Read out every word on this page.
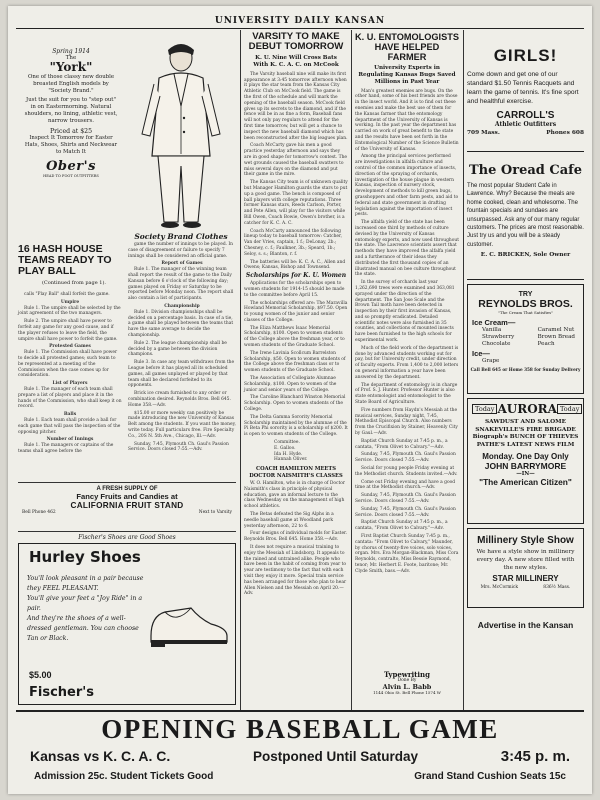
UNIVERSITY DAILY KANSAN
Spring 1914
The
"York"
One of those classy new double breasted English models by "Society Brand."
Just the suit for you to "step out" in on Eastermorning. Natural shoulders, no lining, athletic vest, narrow trousers.
Priced at $25
Inspect It Tomorrow for Easter Hats, Shoes, Shirts and Neckwear to Match It
Ober's
HEAD TO FOOT OUTFITTERS
Society Brand Clothes
16 HASH HOUSE TEAMS READY TO PLAY BALL
(Continued from page 1).

calls "Play Ball" shall forfeit the game.

Umpire

Rule 1. The umpire shall be selected by the joint agreement of the two managers.

Rule 2. The umpire shall have power to forfeit any game for any good cause, and if the player refuses to leave the field, the umpire shall have power to forfeit the game.

Protested Games

Rule 1. The Commission shall have power to decide all protested games; such team to be represented at a meeting of the Commission when the case comes up for consideration.

List of Players

Rule 1. The manager of each team shall prepare a list of players and place it in the hands of the Commission, who shall keep it on record.

Balls

Rule 1. Each team shall provide a ball for each game that will pass the inspection of the opposing pitcher.

Number of Innings

Rule 1. The managers or captains of the teams shall agree before the

game the number of innings to be played. In case of disagreement or failure to specify 7 innings shall be considered an official game.

Report of Games

Rule 1. The manager of the winning team shall report the result of the game to the Daily Kansan before 6 o'clock of the following day; games played on Friday or Saturday to be reported before Monday noon. The report shall also contain a list of participants.

Championship

Rule 1. Division championships shall be decided on a percentage basis. In case of a tie, a game shall be played between the teams that have the same average to decide the championship.

Rule 2. The league championship shall be decided by a game between the division champions.

Rule 3. In case any team withdraws from the League before it has played all its scheduled games, all games unplayed or played by that team shall be declared forfeited to its opponents.

Brick ice cream furnished to any order or combination desired. Reynolds Bros. Bell 645. Home 358.—Adv.

$15.00 or more weekly can positively be made introducing the new University of Kansas Belt among the students. If you want the money, write today. Full particulars free. Fire Specialty Co., 20S N. 5th Ave., Chicago, Ill.—Adv.

Sunday, 7:45, Plymouth Ch. Gaul's Passion Service. Doors closed 7:55.—Adv.

A FRESH SUPPLY OF
Fancy Fruits and Candies at
CALIFORNIA FRUIT STAND
Bell Phone 462	Next to Varsity
Fischer's Shoes are Good Shoes
Hurley Shoes
You'll look pleasant in a pair because they FEEL PLEASANT.
You'll give your feet a "Joy Ride" in a pair.
And they're the shoes of a well-dressed gentleman. You can choose Tan or Black.
$5.00
Fischer's
VARSITY TO MAKE DEBUT TOMORROW
K. U. Nine Will Cross Bats With K. C. A. C. on McCook

The Varsity baseball nine will make its first appearance at 3:45 tomorrow afternoon when it plays the star team from the Kansas City Athletic Club on McCook field. The game is the first of the schedule and will mark the opening of the baseball season. McCook field gives up its secrets to the diamond, and if the fence will be in as fine a form, Baseball fans will not only pay regulars to attend for the first time tomorrow, but will get a chance to inspect the new baseball diamond which has been reconstructed after the big leagues plan.

Coach McCarty gave his men a good practice yesterday afternoon and says they are in good shape for tomorrow's contest. The wet grounds caused the baseball swatters to miss several days on the diamond and put their game in the mire.

The Kansas City team is of unknown quality but Manager Hamilton guards the stars to put up a good game. The bench is composed of ball players with college reputations. Three former Kansas stars, Reeds Carlson, Porter, and Pete Allen, will play for the visitors while Bill Owen, Coach Bowie, Owen's brother, is a catcher for K. C. A. C.

Coach McCarty announced the following lineup today to baseball tomorrow: Catcher, Van der Vries, captain, 1 f.; DeLonay, 2b.; Chesney, c. f.; Faulkner, 3b.; Speard, 1b.; Seloy, s. s.; Blanton, r. f.

The batteries will be: K. C. A. C., Allen and Owens; Kansas, Bishop and Townsend.

Scholarships for K. U. Women

Applications for the scholarships open to women students for 1914-15 should be made to the committee before April 15.

The scholarships offered are: The Maravilla Howland Memorial Scholarship, $97.50. Open to young women of the junior and senior classes of the College.

The Eliza Matthews Isaac Memorial Scholarship, $100. Open to women students of the College above the freshman year, or to women students of the Graduate School.

The Irene Lavinia Scollcum Barrelston Scholarship, $50. Open to women students of the College above the freshman class or to women students of the Graduate School.

The Association of Collegiate Alumnae Scholarship, $100. Open to women of the junior and senior years of the College.

The Caroline Blanchard Winston Memorial Scholarship. Open to women students of the College.

The Delta Gamma Sorority Memorial Scholarship maintained by the alumnae of the Pi Beta Phi sorority is a scholarship of $200. It is open to women students of the College.

Committee.
E. Galloo.
Ida H. Hyde.
Hannah Oliver.
COACH HAMILTON MEETS DOCTOR NAISMITH'S CLASSES

W. O. Hamilton, who is in charge of Doctor Naismith's class in principle of physical education, gave an informal lecture to the class Wednesday on the management of high school athletics.

The Betas defeated the Sig Alphs in a needle baseball game at Woodland park yesterday afternoon, 22 to 6.

Four designs of individual molds for Easter. Reynolds Bros. Bell 645. Home 358.—Adv.

It does not require a musical training to enjoy the Messiah of Lindsborg. It appeals to the rained and untrained alike. People who have been in the habit of coming from year to year are testimony to the fact that with each visit they enjoy it more. Special train service has been arranged for those who plan to hear Allen Nielsen and the Messiah on April 20.—Adv.

K. U. ENTOMOLOGISTS HAVE HELPED FARMER
University Experts in Regulating Kansas Bugs Saved Millions in Past Year

Man's greatest enemies are bugs. On the other hand, some of his best friends are those in the insect world. And it is to find out these enemies and make the best use of them for the Kansas farmer that the entomology department of the University of Kansas is working. In the past year the department has carried on work of great benefit to the state and the results have been set forth in the Entomological Number of the Science Bulletin of the University of Kansas.

Among the principal services performed are investigations in alfalfa culture and control of the common importance of insects, direction of the spraying of orchards, investigation of the house plague in western Kansas, inspection of nursery stock, development of methods to kill green bugs, grasshoppers and other farm pests, and aid to federal and state government in drafting legislation against the importation of insect pests.

The alfalfa yield of the state has been increased one third by methods of culture devised by the University of Kansas entomology experts, and now used throughout the state. The Lawrence scientists assert that methods they have improved the alfalfa yield and a furtherance of their ideas they distributed the first thousand copies of an illustrated manual on bee culture throughout the state.

In the survey of orchards last year 1,262,690 trees were examined and 363,081 sprayed under the direction of the department. The San Jose Scale and the Brown Tail moth have been detected in inspection by their first invasion of Kansas, and so promptly eradicated. Detailed scientific notes were also furnished in 35 counties, and collections of mounted insects have been furnished to the high schools for experimental work.

Much of the field work of the department is done by advanced students working out for pay, but for University credit, under direction of faculty experts. From 1,400 to 2,000 letters on general information a year have been answered by the department.

The department of entomology is in charge of Prof. S. J. Hunter. Professor Hunter is also state entomologist and entomologist to the State Board of Agriculture.

Five numbers from Haydn's Messiah at the musical services, Sunday night, 7:45, Methodist Episcopal Church. Also numbers from the Crucifixion by Stainer, Heavenly City by Gaul.—Adv.

Baptist Church Sunday at 7:45 p. m., a cantata, "From Olivet to Calvary."—Adv.

Sunday, 7:45, Plymouth Ch. Gaul's Passion Service. Doors closed 7:55.—Adv.

Social for young people Friday evening at the Methodist church. Students invited.—Adv.

Come out Friday evening and have a good time at the Methodist church.—Adv.

Sunday, 7:45, Plymouth Ch. Gaul's Passion Service. Doors closed 7:55.—Adv.

Sunday, 7:45, Plymouth Ch. Gaul's Passion Service. Doors closed 7:55.—Adv.

Baptist Church Sunday at 7:45 p. m., a cantata, "From Olivet to Calvary."—Adv.

First Baptist Church Sunday 7:45 p. m., cantata: "From Olivet to Calvary," Maunder, by chorus of twenty-five voices, solo voices, organ. Mrs. Eva Morgan-Blackman, Miss Cora Reynolds, contralto, Miss Bessie Raymond, tenor; Mr. Herbert E. Foote, baritone; Mr. Clyde Smith, bass.—Adv.

Typewriting
Done By
Alvin L. Babb
1144 Ohio St. Bell Phone 1574 W
GIRLS!
Come down and get one of our standard $1.50 Tennis Racquets and learn the game of tennis. It's fine sport and healthful exercise.
CARROLL'S
Athletic Outfitters
709 Mass.	Phones 608
The Oread Cafe
The most popular Student Cafe in Lawrence. Why? Because the meals are home cooked, clean and wholesome. The fountain specials and sundaes are unsurpassed. Ask any of our many regular customers. The prices are most reasonable. Just try us and you will be a steady customer.
E. C. BRICKEN, Sole Owner
TRY
REYNOLDS BROS.
"The Cream That Satisfies"
Ice Cream—
Vanilla
Strawberry
Chocolate
Caramel Nut
Brown Bread
Peach
Ice—
Grape
Call Bell 645 or Home 358 for Sunday Delivery
Today AURORA Today
SAWDUST AND SALOME
SNAKEVILLE'S FIRE BRIGADE
Biograph's BUNCH OF THIEVES
PATHE'S LATEST NEWS FILM
Monday. One Day Only
JOHN BARRYMORE
—IN—
"The American Citizen"
Millinery Style Show
We have a style show in millinery every day. A new store filled with the new styles.
STAR MILLINERY
Mrs. McCormick	836½ Mass.
Advertise in the Kansan
OPENING BASEBALL GAME
Kansas vs K. C. A. C.	Postponed Until Saturday	3:45 p. m.
Admission 25c. Student Tickets Good	Grand Stand Cushion Seats 15c
